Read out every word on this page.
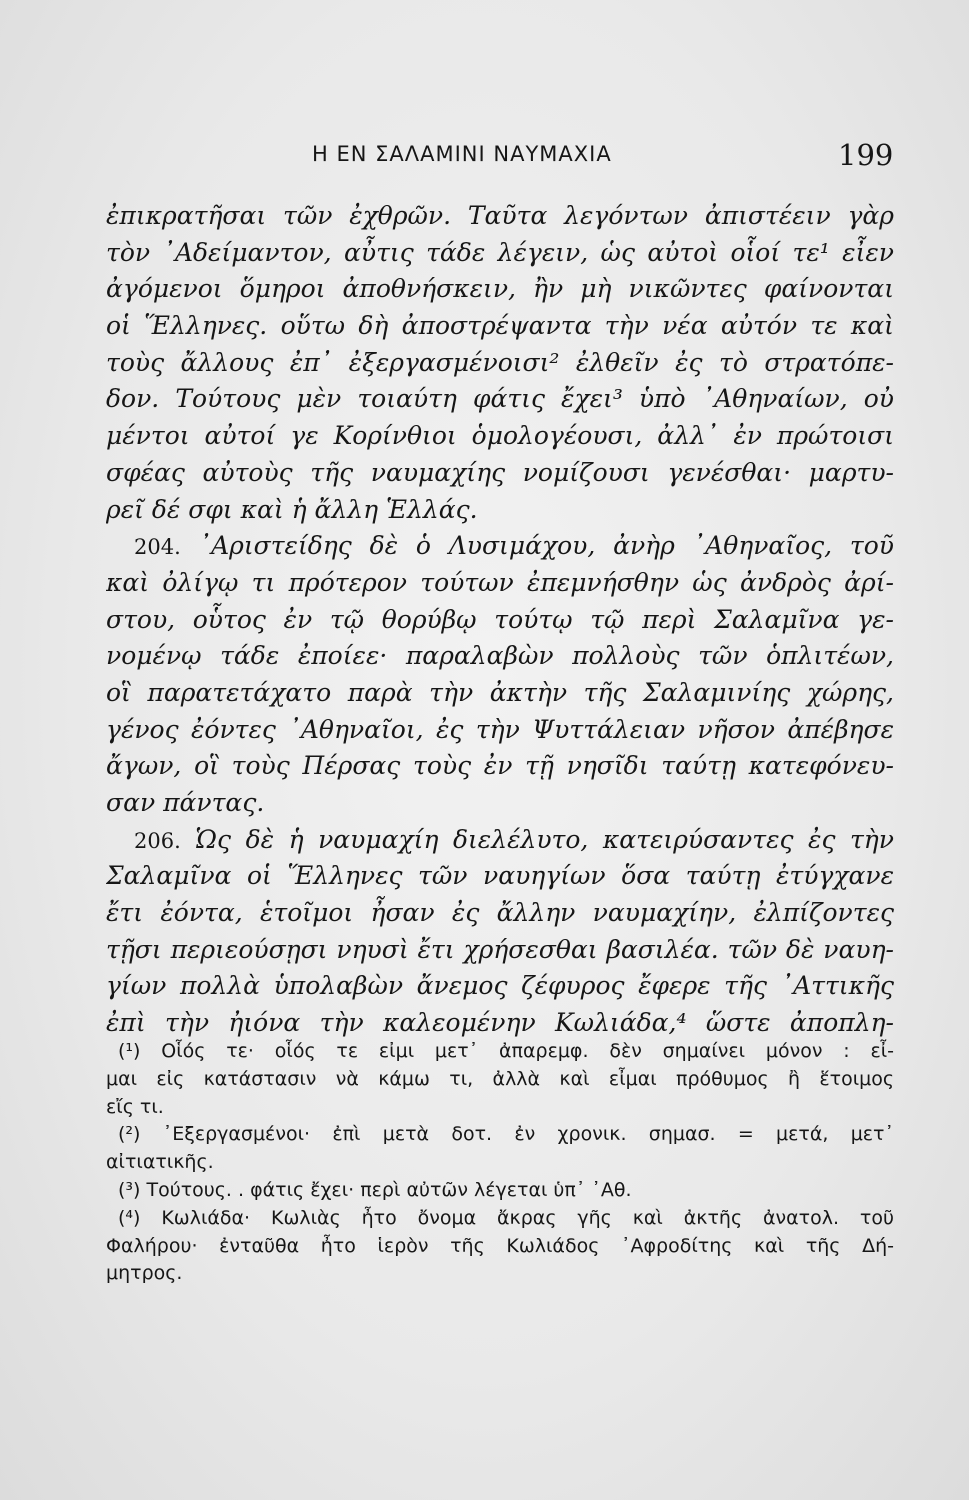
Η ΕΝ ΣΑΛΑΜΙΝΙ ΝΑΥΜΑΧΙΑ	199
ἐπικρατῆσαι τῶν ἐχθρῶν. Ταῦτα λεγόντων ἀπιστέειν γὰρ
τὸν ᾿Αδείμαντον, αὖτις τάδε λέγειν, ὡς αὐτοὶ οἷοί τε¹ εἶεν
ἀγόμενοι ὅμηροι ἀποθνήσκειν, ἢν μὴ νικῶντες φαίνονται
οἱ Ἕλληνες. οὕτω δὴ ἀποστρέψαντα τὴν νέα αὐτόν τε καὶ
τοὺς ἄλλους ἐπ᾿ ἐξεργασμένοισι² ἐλθεῖν ἐς τὸ στρατόπε-
δον. Τούτους μὲν τοιαύτη φάτις ἔχει³ ὑπὸ ᾿Αθηναίων, οὐ
μέντοι αὐτοί γε Κορίνθιοι ὁμολογέουσι, ἀλλ᾿ ἐν πρώτοισι
σφέας αὐτοὺς τῆς ναυμαχίης νομίζουσι γενέσθαι· μαρτυ-
ρεῖ δέ σφι καὶ ἡ ἄλλη Ἑλλάς.
204. ᾿Αριστείδης δὲ ὁ Λυσιμάχου, ἀνὴρ ᾿Αθηναῖος, τοῦ
καὶ ὀλίγῳ τι πρότερον τούτων ἐπεμνήσθην ὡς ἀνδρὸς ἀρί-
στου, οὗτος ἐν τῷ θορύβῳ τούτῳ τῷ περὶ Σαλαμῖνα γε-
νομένῳ τάδε ἐποίεε· παραλαβὼν πολλοὺς τῶν ὁπλιτέων,
οἳ παρατετάχατο παρὰ τὴν ἀκτὴν τῆς Σαλαμινίης χώρης,
γένος ἐόντες ᾿Αθηναῖοι, ἐς τὴν Ψυττάλειαν νῆσον ἀπέβησε
ἄγων, οἳ τοὺς Πέρσας τοὺς ἐν τῇ νησῖδι ταύτῃ κατεφόνευ-
σαν πάντας.
206. Ὡς δὲ ἡ ναυμαχίη διελέλυτο, κατειρύσαντες ἐς τὴν
Σαλαμῖνα οἱ Ἕλληνες τῶν ναυηγίων ὅσα ταύτῃ ἐτύγχανε
ἔτι ἐόντα, ἑτοῖμοι ἦσαν ἐς ἄλλην ναυμαχίην, ἐλπίζοντες
τῇσι περιεούσῃσι νηυσὶ ἔτι χρήσεσθαι βασιλέα. τῶν δὲ ναυη-
γίων πολλὰ ὑπολαβὼν ἄνεμος ζέφυρος ἔφερε τῆς ᾿Αττικῆς
ἐπὶ τὴν ἠιόνα τὴν καλεομένην Κωλιάδα,⁴ ὥστε ἀποπλη-
(¹) Οἷός τε· οἷός τε εἰμι μετ᾿ ἀπαρεμφ. δὲν σημαίνει μόνον : εἶ-
μαι εἰς κατάστασιν νὰ κάμω τι, ἀλλὰ καὶ εἶμαι πρόθυμος ἢ ἕτοιμος
εἴς τι.
(²) ᾿Εξεργασμένοι· ἐπὶ μετὰ δοτ. ἐν χρονικ. σημασ. = μετά, μετ᾿
αἰτιατικῆς.
(³) Τούτους. . φάτις ἔχει· περὶ αὐτῶν λέγεται ὑπ᾿ ᾿Αθ.
(⁴) Κωλιάδα· Κωλιὰς ἦτο ὄνομα ἄκρας γῆς καὶ ἀκτῆς ἀνατολ. τοῦ
Φαλήρου· ἐνταῦθα ἦτο ἱερὸν τῆς Κωλιάδος ᾿Αφροδίτης καὶ τῆς Δή-
μητρος.
